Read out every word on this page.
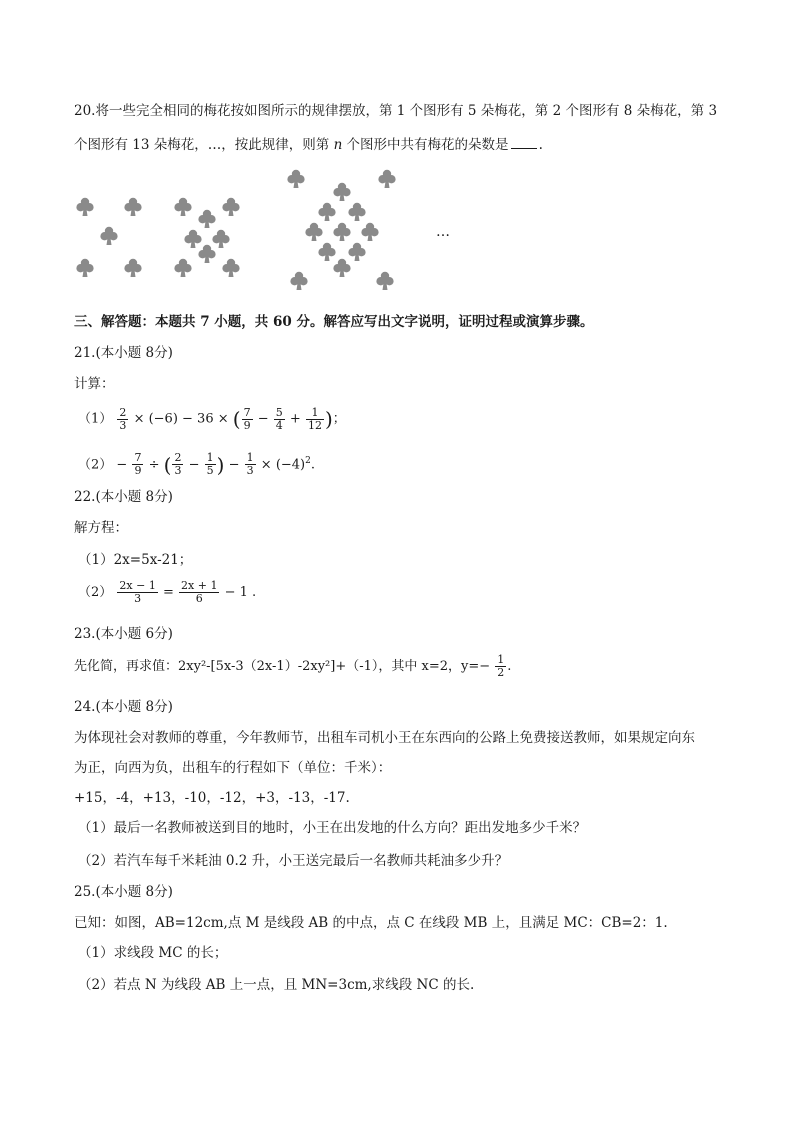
20.将一些完全相同的梅花按如图所示的规律摆放，第 1 个图形有 5 朵梅花，第 2 个图形有 8 朵梅花，第 3
个图形有 13 朵梅花，…，按此规律，则第 n 个图形中共有梅花的朵数是 .
…
三、解答题：本题共 7 小题，共 60 分。解答应写出文字说明，证明过程或演算步骤。
21.(本小题 8分)
计算：
$(1) \frac{2}{3} \times (-6) - 36$ × ( $\frac{7}{9} - \frac{5}{4} + \frac{1}{12}$ )；
$(2) - \frac{7}{9}$ ÷ ( $\frac{2}{3} - \frac{1}{5}$ ) − $\frac{1}{3} \times (-4)^2$.
22.(本小题 8分)
解方程：
（1）2x=5x-21；
$(2) \frac{2x - 1}{3} = \frac{2x + 1}{6} - 1$ .
23.(本小题 6分)
先化简，再求值：2xy²-[5x-3（2x-1）-2xy²]+（-1），其中 x=2，$y=- \frac{1}{2}$ .
24.(本小题 8分)
为体现社会对教师的尊重，今年教师节，出租车司机小王在东西向的公路上免费接送教师，如果规定向东
为正，向西为负，出租车的行程如下（单位：千米）：
+15，-4，+13，-10，-12，+3，-13，-17.
（1）最后一名教师被送到目的地时，小王在出发地的什么方向？距出发地多少千米？
（2）若汽车每千米耗油 0.2 升，小王送完最后一名教师共耗油多少升？
25.(本小题 8分)
已知：如图，AB=12cm,点 M 是线段 AB 的中点，点 C 在线段 MB 上，且满足 MC：CB=2：1.
（1）求线段 MC 的长；
（2）若点 N 为线段 AB 上一点，且 MN=3cm,求线段 NC 的长.
